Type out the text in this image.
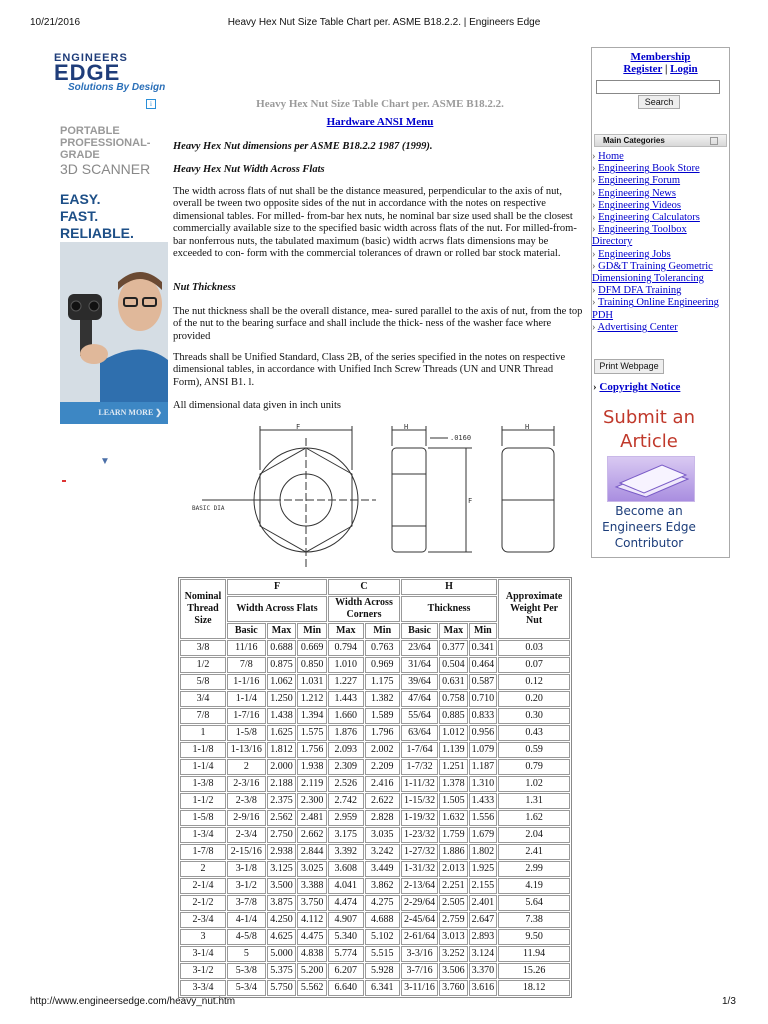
10/21/2016	Heavy Hex Nut Size Table Chart per. ASME B18.2.2. | Engineers Edge
http://www.engineersedge.com/heavy_nut.htm	1/3
ENGINEERS
EDGE
Solutions By Design
i
PORTABLE
PROFESSIONAL-
GRADE
3D SCANNER
EASY.
FAST.
RELIABLE.
LEARN MORE ❯
▼
Heavy Hex Nut Size Table Chart per. ASME B18.2.2.
Hardware ANSI Menu
Heavy Hex Nut dimensions per ASME B18.2.2 1987 (1999).
Heavy Hex Nut Width Across Flats
The width across flats of nut shall be the distance measured, perpendicular to the axis of nut, overall be tween two opposite sides of the nut in accordance with the notes on respective dimensional tables. For milled- from-bar hex nuts, he nominal bar size used shall be the closest commercially available size to the specified basic width across flats of the nut. For milled-from- bar nonferrous nuts, the tabulated maximum (basic) width acrws flats dimensions may be exceeded to con- form with the commercial tolerances of drawn or rolled bar stock material.
Nut Thickness
The nut thickness shall be the overall distance, mea- sured parallel to the axis of nut, from the top of the nut to the bearing surface and shall include the thick- ness of the washer face where provided
Threads shall be Unified Standard, Class 2B, of the series specified in the notes on respective dimensional tables, in accordance with Unified Inch Screw Threads (UN and UNR Thread Form), ANSI B1. l.
All dimensional data given in inch units
F	H
.0160
F
H
BASIC DIA
Nominal Thread Size	F			C		H			Approximate Weight Per Nut
	Width Across Flats			Width Across Corners		Thickness			
	Basic	Max	Min	Max	Min	Basic	Max	Min	
3/8	11/16	0.688	0.669	0.794	0.763	23/64	0.377	0.341	0.03
1/2	7/8	0.875	0.850	1.010	0.969	31/64	0.504	0.464	0.07
5/8	1-1/16	1.062	1.031	1.227	1.175	39/64	0.631	0.587	0.12
3/4	1-1/4	1.250	1.212	1.443	1.382	47/64	0.758	0.710	0.20
7/8	1-7/16	1.438	1.394	1.660	1.589	55/64	0.885	0.833	0.30
1	1-5/8	1.625	1.575	1.876	1.796	63/64	1.012	0.956	0.43
1-1/8	1-13/16	1.812	1.756	2.093	2.002	1-7/64	1.139	1.079	0.59
1-1/4	2	2.000	1.938	2.309	2.209	1-7/32	1.251	1.187	0.79
1-3/8	2-3/16	2.188	2.119	2.526	2.416	1-11/32	1.378	1.310	1.02
1-1/2	2-3/8	2.375	2.300	2.742	2.622	1-15/32	1.505	1.433	1.31
1-5/8	2-9/16	2.562	2.481	2.959	2.828	1-19/32	1.632	1.556	1.62
1-3/4	2-3/4	2.750	2.662	3.175	3.035	1-23/32	1.759	1.679	2.04
1-7/8	2-15/16	2.938	2.844	3.392	3.242	1-27/32	1.886	1.802	2.41
2	3-1/8	3.125	3.025	3.608	3.449	1-31/32	2.013	1.925	2.99
2-1/4	3-1/2	3.500	3.388	4.041	3.862	2-13/64	2.251	2.155	4.19
2-1/2	3-7/8	3.875	3.750	4.474	4.275	2-29/64	2.505	2.401	5.64
2-3/4	4-1/4	4.250	4.112	4.907	4.688	2-45/64	2.759	2.647	7.38
3	4-5/8	4.625	4.475	5.340	5.102	2-61/64	3.013	2.893	9.50
3-1/4	5	5.000	4.838	5.774	5.515	3-3/16	3.252	3.124	11.94
3-1/2	5-3/8	5.375	5.200	6.207	5.928	3-7/16	3.506	3.370	15.26
3-3/4	5-3/4	5.750	5.562	6.640	6.341	3-11/16	3.760	3.616	18.12
Membership
Register | Login
Search
Main Categories
› Home
› Engineering Book Store
› Engineering Forum
› Engineering News
› Engineering Videos
› Engineering Calculators
› Engineering Toolbox Directory
› Engineering Jobs
› GD&T Training Geometric Dimensioning Tolerancing
› DFM DFA Training
› Training Online Engineering PDH
› Advertising Center
Print Webpage
› Copyright Notice
Submit an
Article
Become an
Engineers Edge
Contributor
